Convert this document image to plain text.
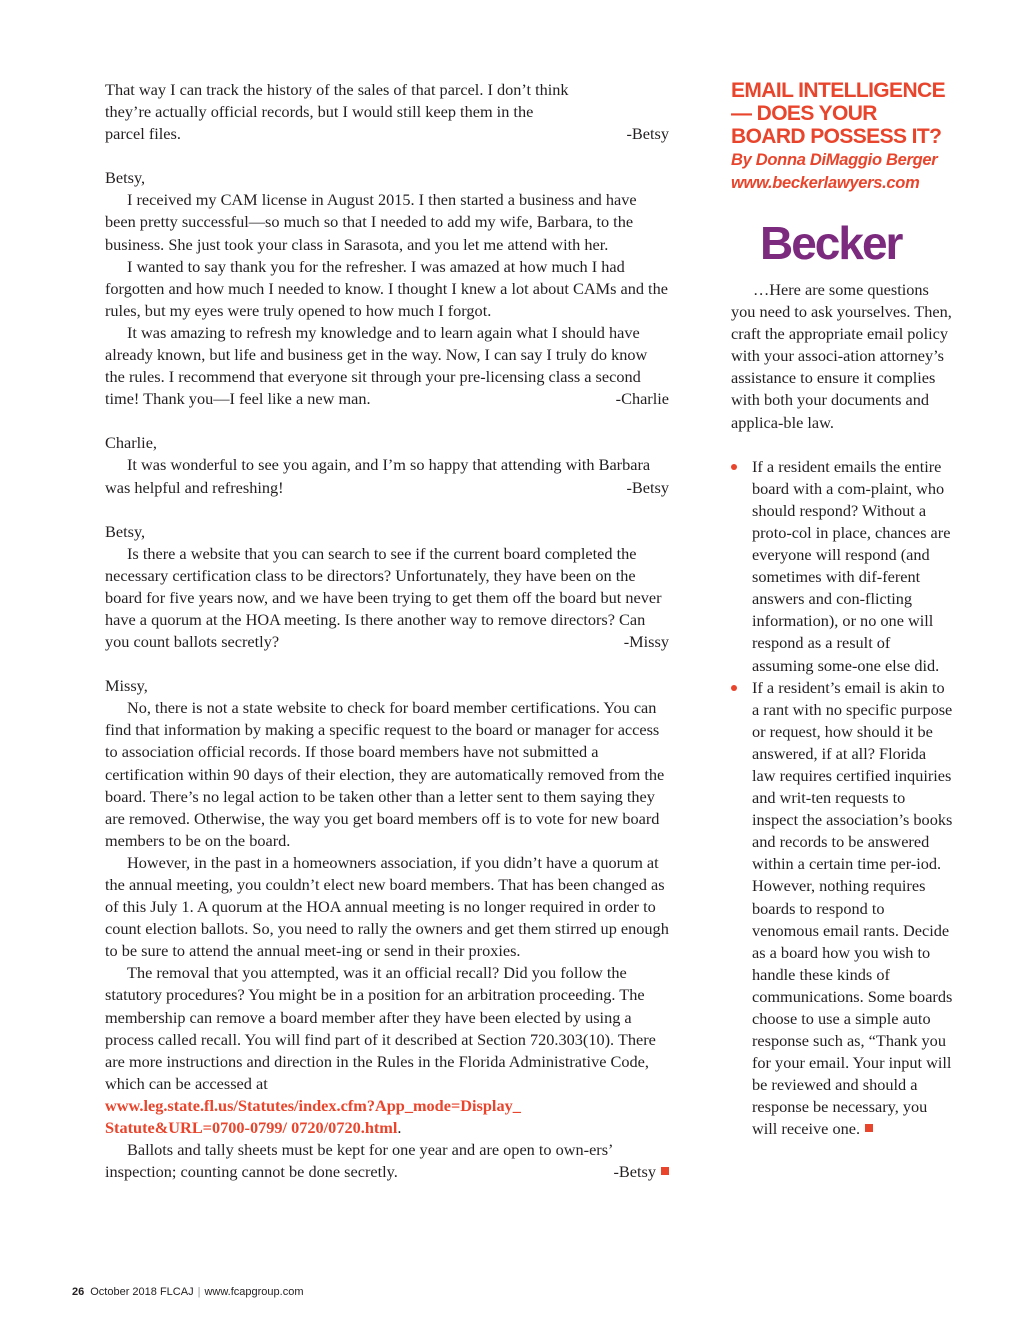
That way I can track the history of the sales of that parcel. I don’t think
they’re actually official records, but I would still keep them in the
parcel files.	-Betsy

Betsy,

I received my CAM license in August 2015. I then started a business and have been pretty successful—so much so that I needed to add my wife, Barbara, to the business. She just took your class in Sarasota, and you let me attend with her.

I wanted to say thank you for the refresher. I was amazed at how much I had forgotten and how much I needed to know. I thought I knew a lot about CAMs and the rules, but my eyes were truly opened to how much I forgot.

It was amazing to refresh my knowledge and to learn again what I should have already known, but life and business get in the way. Now, I can say I truly do know the rules. I recommend that everyone sit through your pre-licensing class a second time! Thank you—I feel like a new man.	-Charlie

Charlie,

It was wonderful to see you again, and I’m so happy that attending with Barbara was helpful and refreshing!	-Betsy

Betsy,

Is there a website that you can search to see if the current board completed the necessary certification class to be directors? Unfortunately, they have been on the board for five years now, and we have been trying to get them off the board but never have a quorum at the HOA meeting. Is there another way to remove directors? Can you count ballots secretly?	-Missy

Missy,

No, there is not a state website to check for board member certifications. You can find that information by making a specific request to the board or manager for access to association official records. If those board members have not submitted a certification within 90 days of their election, they are automatically removed from the board. There’s no legal action to be taken other than a letter sent to them saying they are removed. Otherwise, the way you get board members off is to vote for new board members to be on the board.

However, in the past in a homeowners association, if you didn’t have a quorum at the annual meeting, you couldn’t elect new board members. That has been changed as of this July 1. A quorum at the HOA annual meeting is no longer required in order to count election ballots. So, you need to rally the owners and get them stirred up enough to be sure to attend the annual meet-ing or send in their proxies.

The removal that you attempted, was it an official recall? Did you follow the statutory procedures? You might be in a position for an arbitration proceeding. The membership can remove a board member after they have been elected by using a process called recall. You will find part of it described at Section 720.303(10). There are more instructions and direction in the Rules in the Florida Administrative Code, which can be accessed at
www.leg.state.fl.us/Statutes/index.cfm?App_mode=Display_
Statute&URL=0700-0799/ 0720/0720.html.

Ballots and tally sheets must be kept for one year and are open to own-ers’ inspection; counting cannot be done secretly.	-Betsy

EMAIL INTELLIGENCE— DOES YOUR BOARD POSSESS IT?

By Donna DiMaggio Berger

www.beckerlawyers.com
Becker

…Here are some questions you need to ask yourselves. Then, craft the appropriate email policy with your associ-ation attorney’s assistance to ensure it complies with both your documents and applica-ble law.

If a resident emails the entire board with a com-plaint, who should respond? Without a proto-col in place, chances are everyone will respond (and sometimes with dif-ferent answers and con-flicting information), or no one will respond as a result of assuming some-one else did.
If a resident’s email is akin to a rant with no specific purpose or request, how should it be answered, if at all? Florida law requires certified inquiries and writ-ten requests to inspect the association’s books and records to be answered within a certain time per-iod. However, nothing requires boards to respond to venomous email rants. Decide as a board how you wish to handle these kinds of communications. Some boards choose to use a simple auto response such as, “Thank you for your email. Your input will be reviewed and should a response be necessary, you will receive one.
26 October 2018 FLCAJ | www.fcapgroup.com
